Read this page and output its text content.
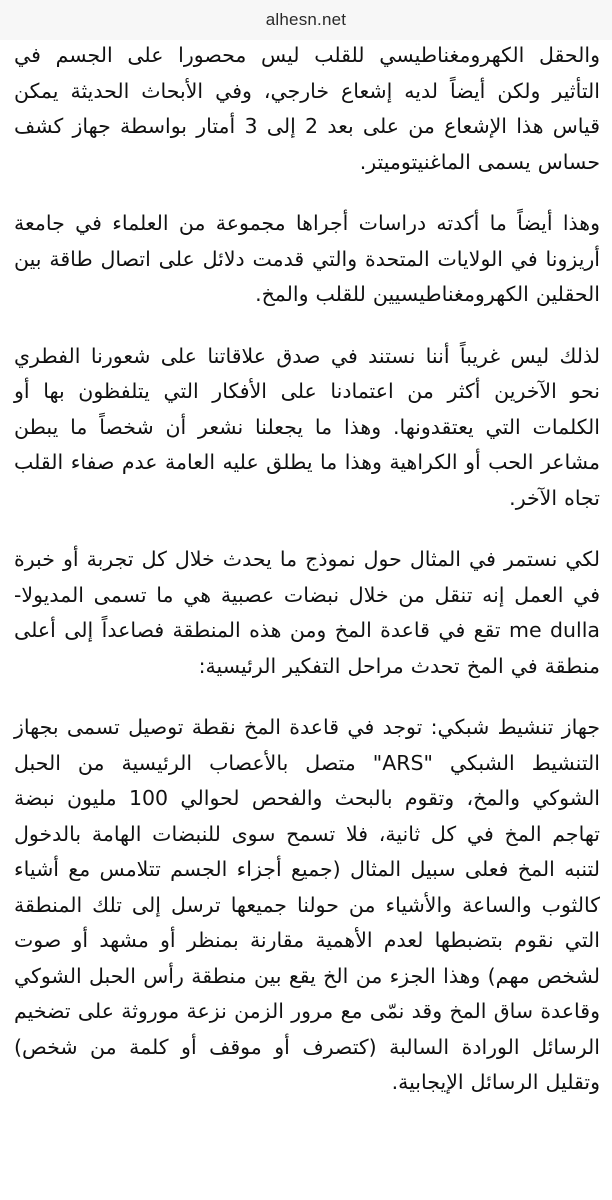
alhesn.net

والحقل الكهرومغناطيسي للقلب ليس محصورا على الجسم في التأثير ولكن أيضاً لديه إشعاع خارجي، وفي الأبحاث الحديثة يمكن قياس هذا الإشعاع من على بعد 2 إلى 3 أمتار بواسطة جهاز كشف حساس يسمى الماغنيتوميتر.

وهذا أيضاً ما أكدته دراسات أجراها مجموعة من العلماء في جامعة أريزونا في الولايات المتحدة والتي قدمت دلائل على اتصال طاقة بين الحقلين الكهرومغناطيسيين للقلب والمخ.

لذلك ليس غريباً أننا نستند في صدق علاقاتنا على شعورنا الفطري نحو الآخرين أكثر من اعتمادنا على الأفكار التي يتلفظون بها أو الكلمات التي يعتقدونها. وهذا ما يجعلنا نشعر أن شخصاً ما يبطن مشاعر الحب أو الكراهية وهذا ما يطلق عليه العامة عدم صفاء القلب تجاه الآخر.

لكي نستمر في المثال حول نموذج ما يحدث خلال كل تجربة أو خبرة في العمل إنه تنقل من خلال نبضات عصبية هي ما تسمى المديولا-me dulla تقع في قاعدة المخ ومن هذه المنطقة فصاعداً إلى أعلى منطقة في المخ تحدث مراحل التفكير الرئيسية:

جهاز تنشيط شبكي: توجد في قاعدة المخ نقطة توصيل تسمى بجهاز التنشيط الشبكي "ARS" متصل بالأعصاب الرئيسية من الحبل الشوكي والمخ، وتقوم بالبحث والفحص لحوالي 100 مليون نبضة تهاجم المخ في كل ثانية، فلا تسمح سوى للنبضات الهامة بالدخول لتنبه المخ فعلى سبيل المثال (جميع أجزاء الجسم تتلامس مع أشياء كالثوب والساعة والأشياء من حولنا جميعها ترسل إلى تلك المنطقة التي نقوم بتضبطها لعدم الأهمية مقارنة بمنظر أو مشهد أو صوت لشخص مهم) وهذا الجزء من الخ يقع بين منطقة رأس الحبل الشوكي وقاعدة ساق المخ وقد نمّى مع مرور الزمن نزعة موروثة على تضخيم الرسائل الورادة السالبة (كتصرف أو موقف أو كلمة من شخص) وتقليل الرسائل الإيجابية.
